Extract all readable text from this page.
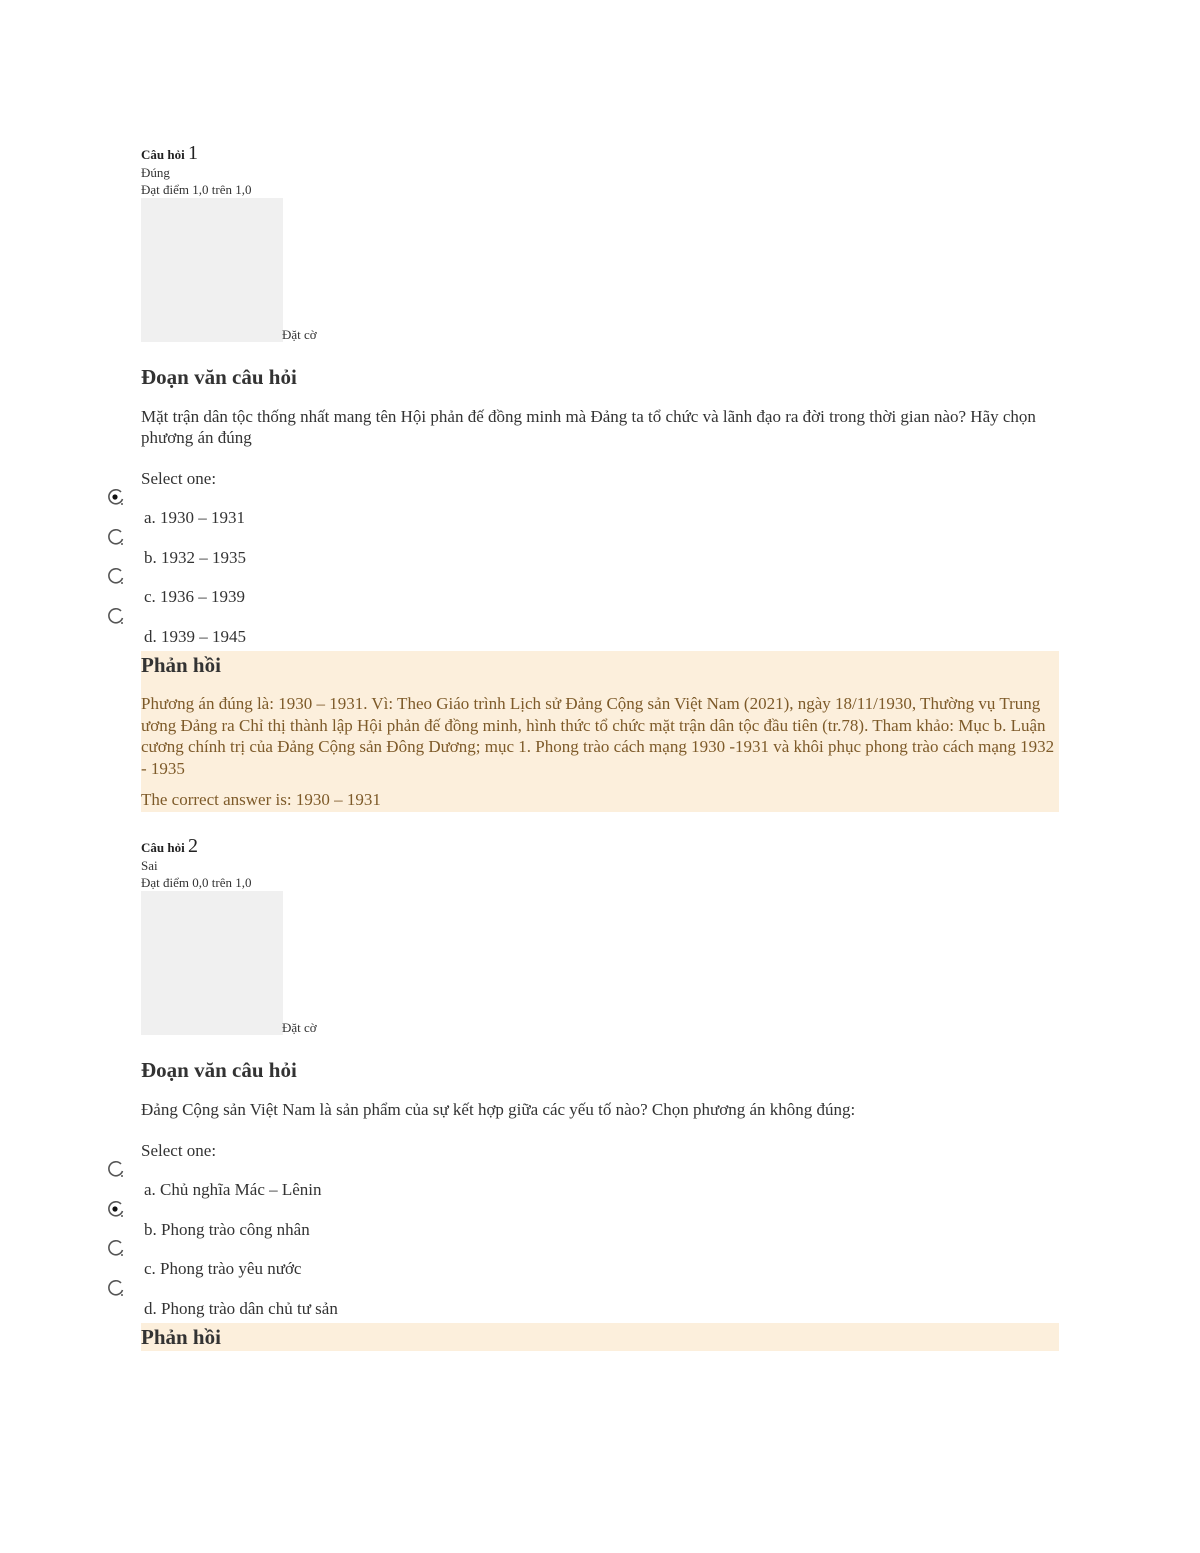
Câu hỏi 1
Đúng
Đạt điểm 1,0 trên 1,0
Đặt cờ
Đoạn văn câu hỏi
Mặt trận dân tộc thống nhất mang tên Hội phản đế đồng minh mà Đảng ta tổ chức và lãnh đạo ra đời trong thời gian nào? Hãy chọn phương án đúng
Select one:
a. 1930 – 1931
b. 1932 – 1935
c. 1936 – 1939
d. 1939 – 1945
Phản hồi
Phương án đúng là: 1930 – 1931. Vì: Theo Giáo trình Lịch sử Đảng Cộng sản Việt Nam (2021), ngày 18/11/1930, Thường vụ Trung ương Đảng ra Chỉ thị thành lập Hội phản đế đồng minh, hình thức tổ chức mặt trận dân tộc đầu tiên (tr.78). Tham khảo: Mục b. Luận cương chính trị của Đảng Cộng sản Đông Dương; mục 1. Phong trào cách mạng 1930 -1931 và khôi phục phong trào cách mạng 1932 - 1935
The correct answer is: 1930 – 1931
Câu hỏi 2
Sai
Đạt điểm 0,0 trên 1,0
Đặt cờ
Đoạn văn câu hỏi
Đảng Cộng sản Việt Nam là sản phẩm của sự kết hợp giữa các yếu tố nào? Chọn phương án không đúng:
Select one:
a. Chủ nghĩa Mác – Lênin
b. Phong trào công nhân
c. Phong trào yêu nước
d. Phong trào dân chủ tư sản
Phản hồi
